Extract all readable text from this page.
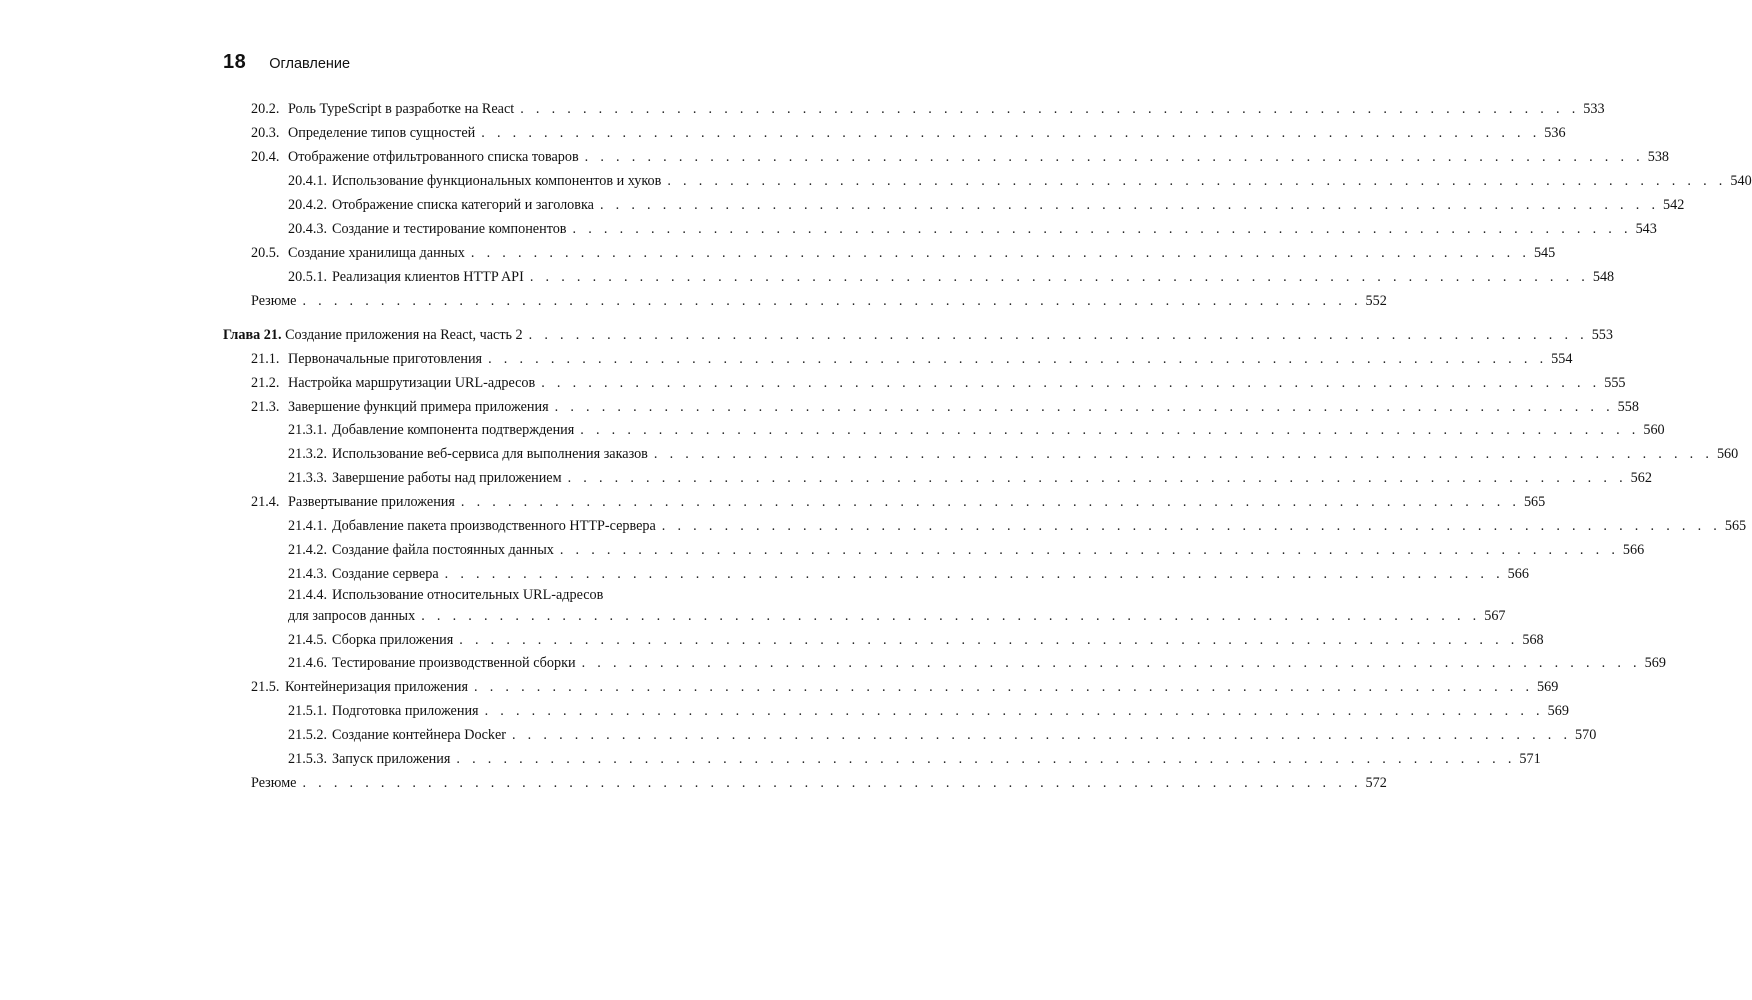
18 Оглавление
20.2. Роль TypeScript в разработке на React . . . . . . . . . . . . . . . . . . . . . . . . . . . . . . . . . . . . . . . . . . . . . . . . . . . . . . . . . . . . . . . . . . . . 533
20.3. Определение типов сущностей . . . . . . . . . . . . . . . . . . . . . . . . . . . . . . . . . . . . . . . . . . . . . . . . . . . . . . . . . . . . . . . . . . . . 536
20.4. Отображение отфильтрованного списка товаров . . . . . . . . . . . . . . . . . . . . . . . . . . . . . . . . . . . . . . . . . . . . . . . . . . . . . . . . . . . . . . . . . . . . 538
20.4.1. Использование функциональных компонентов и хуков . . . . . . . . . . . . . . . . . . . . . . . . . . . . . . . . . . . . . . . . . . . . . . . . . . . . . . . . . . . . . . . . . . . . 540
20.4.2. Отображение списка категорий и заголовка . . . . . . . . . . . . . . . . . . . . . . . . . . . . . . . . . . . . . . . . . . . . . . . . . . . . . . . . . . . . . . . . . . . . 542
20.4.3. Создание и тестирование компонентов . . . . . . . . . . . . . . . . . . . . . . . . . . . . . . . . . . . . . . . . . . . . . . . . . . . . . . . . . . . . . . . . . . . . 543
20.5. Создание хранилища данных . . . . . . . . . . . . . . . . . . . . . . . . . . . . . . . . . . . . . . . . . . . . . . . . . . . . . . . . . . . . . . . . . . . . 545
20.5.1. Реализация клиентов HTTP API . . . . . . . . . . . . . . . . . . . . . . . . . . . . . . . . . . . . . . . . . . . . . . . . . . . . . . . . . . . . . . . . . . . . 548
Резюме . . . . . . . . . . . . . . . . . . . . . . . . . . . . . . . . . . . . . . . . . . . . . . . . . . . . . . . . . . . . . . . . . . . . 552
Глава 21. Создание приложения на React, часть 2 . . . . . . . . . . . . . . . . . . . . . . . . . . . . . . . . . . . . . . . . . . . . . . . . . . . . . . . . . . . . . . . . . . . . 553
21.1. Первоначальные приготовления . . . . . . . . . . . . . . . . . . . . . . . . . . . . . . . . . . . . . . . . . . . . . . . . . . . . . . . . . . . . . . . . . . . . 554
21.2. Настройка маршрутизации URL-адресов . . . . . . . . . . . . . . . . . . . . . . . . . . . . . . . . . . . . . . . . . . . . . . . . . . . . . . . . . . . . . . . . . . . . 555
21.3. Завершение функций примера приложения . . . . . . . . . . . . . . . . . . . . . . . . . . . . . . . . . . . . . . . . . . . . . . . . . . . . . . . . . . . . . . . . . . . . 558
21.3.1. Добавление компонента подтверждения . . . . . . . . . . . . . . . . . . . . . . . . . . . . . . . . . . . . . . . . . . . . . . . . . . . . . . . . . . . . . . . . . . . . 560
21.3.2. Использование веб-сервиса для выполнения заказов . . . . . . . . . . . . . . . . . . . . . . . . . . . . . . . . . . . . . . . . . . . . . . . . . . . . . . . . . . . . . . . . . . . . 560
21.3.3. Завершение работы над приложением . . . . . . . . . . . . . . . . . . . . . . . . . . . . . . . . . . . . . . . . . . . . . . . . . . . . . . . . . . . . . . . . . . . . 562
21.4. Развертывание приложения . . . . . . . . . . . . . . . . . . . . . . . . . . . . . . . . . . . . . . . . . . . . . . . . . . . . . . . . . . . . . . . . . . . . 565
21.4.1. Добавление пакета производственного HTTP-сервера . . . . . . . . . . . . . . . . . . . . . . . . . . . . . . . . . . . . . . . . . . . . . . . . . . . . . . . . . . . . . . . . . . . . 565
21.4.2. Создание файла постоянных данных . . . . . . . . . . . . . . . . . . . . . . . . . . . . . . . . . . . . . . . . . . . . . . . . . . . . . . . . . . . . . . . . . . . . 566
21.4.3. Создание сервера . . . . . . . . . . . . . . . . . . . . . . . . . . . . . . . . . . . . . . . . . . . . . . . . . . . . . . . . . . . . . . . . . . . . 566
21.4.4. Использование относительных URL-адресов
для запросов данных . . . . . . . . . . . . . . . . . . . . . . . . . . . . . . . . . . . . . . . . . . . . . . . . . . . . . . . . . . . . . . . . . . . . 567
21.4.5. Сборка приложения . . . . . . . . . . . . . . . . . . . . . . . . . . . . . . . . . . . . . . . . . . . . . . . . . . . . . . . . . . . . . . . . . . . . 568
21.4.6. Тестирование производственной сборки . . . . . . . . . . . . . . . . . . . . . . . . . . . . . . . . . . . . . . . . . . . . . . . . . . . . . . . . . . . . . . . . . . . . 569
21.5. Контейнеризация приложения . . . . . . . . . . . . . . . . . . . . . . . . . . . . . . . . . . . . . . . . . . . . . . . . . . . . . . . . . . . . . . . . . . . . 569
21.5.1. Подготовка приложения . . . . . . . . . . . . . . . . . . . . . . . . . . . . . . . . . . . . . . . . . . . . . . . . . . . . . . . . . . . . . . . . . . . . 569
21.5.2. Создание контейнера Docker . . . . . . . . . . . . . . . . . . . . . . . . . . . . . . . . . . . . . . . . . . . . . . . . . . . . . . . . . . . . . . . . . . . . 570
21.5.3. Запуск приложения . . . . . . . . . . . . . . . . . . . . . . . . . . . . . . . . . . . . . . . . . . . . . . . . . . . . . . . . . . . . . . . . . . . . 571
Резюме . . . . . . . . . . . . . . . . . . . . . . . . . . . . . . . . . . . . . . . . . . . . . . . . . . . . . . . . . . . . . . . . . . . . 572
